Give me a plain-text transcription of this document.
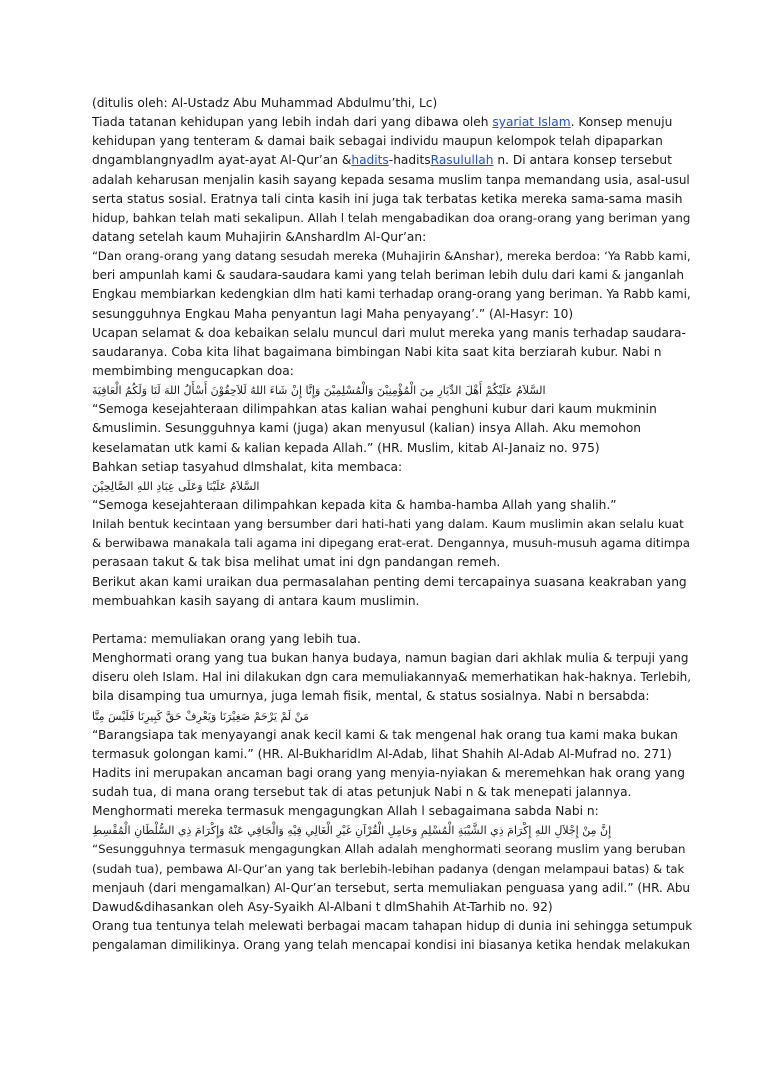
(ditulis oleh: Al-Ustadz Abu Muhammad Abdulmu’thi, Lc)
Tiada tatanan kehidupan yang lebih indah dari yang dibawa oleh syariat Islam. Konsep menuju
kehidupan yang tenteram & damai baik sebagai individu maupun kelompok telah dipaparkan
dngamblangnyadlm ayat-ayat Al-Qur’an &hadits-haditsRasulullah n. Di antara konsep tersebut
adalah keharusan menjalin kasih sayang kepada sesama muslim tanpa memandang usia, asal-usul
serta status sosial. Eratnya tali cinta kasih ini juga tak terbatas ketika mereka sama-sama masih
hidup, bahkan telah mati sekalipun. Allah l telah mengabadikan doa orang-orang yang beriman yang
datang setelah kaum Muhajirin &Anshardlm Al-Qur’an:
“Dan orang-orang yang datang sesudah mereka (Muhajirin &Anshar), mereka berdoa: ‘Ya Rabb kami,
beri ampunlah kami & saudara-saudara kami yang telah beriman lebih dulu dari kami & janganlah
Engkau membiarkan kedengkian dlm hati kami terhadap orang-orang yang beriman. Ya Rabb kami,
sesungguhnya Engkau Maha penyantun lagi Maha penyayang’.” (Al-Hasyr: 10)
Ucapan selamat & doa kebaikan selalu muncul dari mulut mereka yang manis terhadap saudara-
saudaranya. Coba kita lihat bagaimana bimbingan Nabi kita saat kita berziarah kubur. Nabi n
membimbing mengucapkan doa:
السَّلاَمُ عَلَيْكُمْ أَهْلَ الدِّيَارِ مِنَ الْمُؤْمِنِيْنَ وَالْمُسْلِمِيْنَ وَإِنَّا إِنْ شَاءَ اللهُ لَلاَحِقُوْنَ أَسْأَلُ اللهَ لَنَا وَلَكُمُ الْعَافِيَةَ
“Semoga kesejahteraan dilimpahkan atas kalian wahai penghuni kubur dari kaum mukminin
&muslimin. Sesungguhnya kami (juga) akan menyusul (kalian) insya Allah. Aku memohon
keselamatan utk kami & kalian kepada Allah.” (HR. Muslim, kitab Al-Janaiz no. 975)
Bahkan setiap tasyahud dlmshalat, kita membaca:
السَّلاَمُ عَلَيْنَا وَعَلَى عِبَادِ اللهِ الصَّالِحِيْنَ
“Semoga kesejahteraan dilimpahkan kepada kita & hamba-hamba Allah yang shalih.”
Inilah bentuk kecintaan yang bersumber dari hati-hati yang dalam. Kaum muslimin akan selalu kuat
& berwibawa manakala tali agama ini dipegang erat-erat. Dengannya, musuh-musuh agama ditimpa
perasaan takut & tak bisa melihat umat ini dgn pandangan remeh.
Berikut akan kami uraikan dua permasalahan penting demi tercapainya suasana keakraban yang
membuahkan kasih sayang di antara kaum muslimin.
Pertama: memuliakan orang yang lebih tua.
Menghormati orang yang tua bukan hanya budaya, namun bagian dari akhlak mulia & terpuji yang
diseru oleh Islam. Hal ini dilakukan dgn cara memuliakannya& memerhatikan hak-haknya. Terlebih,
bila disamping tua umurnya, juga lemah fisik, mental, & status sosialnya. Nabi n bersabda:
مَنْ لَمْ يَرْحَمْ صَغِيْرَنَا وَيَعْرِفْ حَقَّ كَبِيرِنَا فَلَيْسَ مِنَّا
“Barangsiapa tak menyayangi anak kecil kami & tak mengenal hak orang tua kami maka bukan
termasuk golongan kami.” (HR. Al-Bukharidlm Al-Adab, lihat Shahih Al-Adab Al-Mufrad no. 271)
Hadits ini merupakan ancaman bagi orang yang menyia-nyiakan & meremehkan hak orang yang
sudah tua, di mana orang tersebut tak di atas petunjuk Nabi n & tak menepati jalannya.
Menghormati mereka termasuk mengagungkan Allah l sebagaimana sabda Nabi n:
إِنَّ مِنْ إِجْلاَلِ اللهِ إِكْرَامَ ذِي الشَّيْبَةِ الْمُسْلِمِ وَحَامِلِ الْقُرْآنِ غَيْرِ الْغَالِي فِيْهِ وَالْجَافِي عَنْهُ وَإِكْرَامَ ذِي السُّلْطَانِ الْمُقْسِطِ
“Sesungguhnya termasuk mengagungkan Allah adalah menghormati seorang muslim yang beruban
(sudah tua), pembawa Al-Qur’an yang tak berlebih-lebihan padanya (dengan melampaui batas) & tak
menjauh (dari mengamalkan) Al-Qur’an tersebut, serta memuliakan penguasa yang adil.” (HR. Abu
Dawud&dihasankan oleh Asy-Syaikh Al-Albani t dlmShahih At-Tarhib no. 92)
Orang tua tentunya telah melewati berbagai macam tahapan hidup di dunia ini sehingga setumpuk
pengalaman dimilikinya. Orang yang telah mencapai kondisi ini biasanya ketika hendak melakukan
